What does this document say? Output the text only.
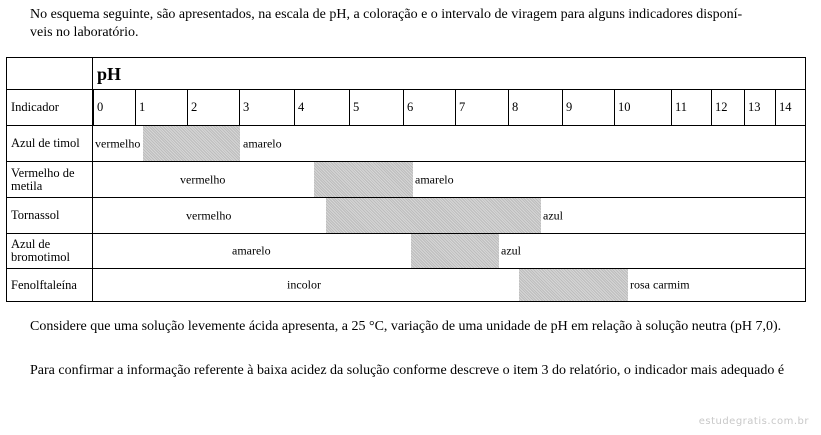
No esquema seguinte, são apresentados, na escala de pH, a coloração e o intervalo de viragem para alguns indicadores disponí-
veis no laboratório.
pH
Indicador	0	1	2	3	4	5	6	7	8	9	10	11	12	13	14
Azul de timol	vermelho	amarelo
Vermelho de metila	vermelho	amarelo
Tornassol	vermelho	azul
Azul de bromotimol	amarelo	azul
Fenolftaleína	incolor	rosa carmim
Considere que uma solução levemente ácida apresenta, a 25 °C, variação de uma unidade de pH em relação à solução neutra (pH 7,0).
Para confirmar a informação referente à baixa acidez da solução conforme descreve o item 3 do relatório, o indicador mais adequado é
estudegratis.com.br
